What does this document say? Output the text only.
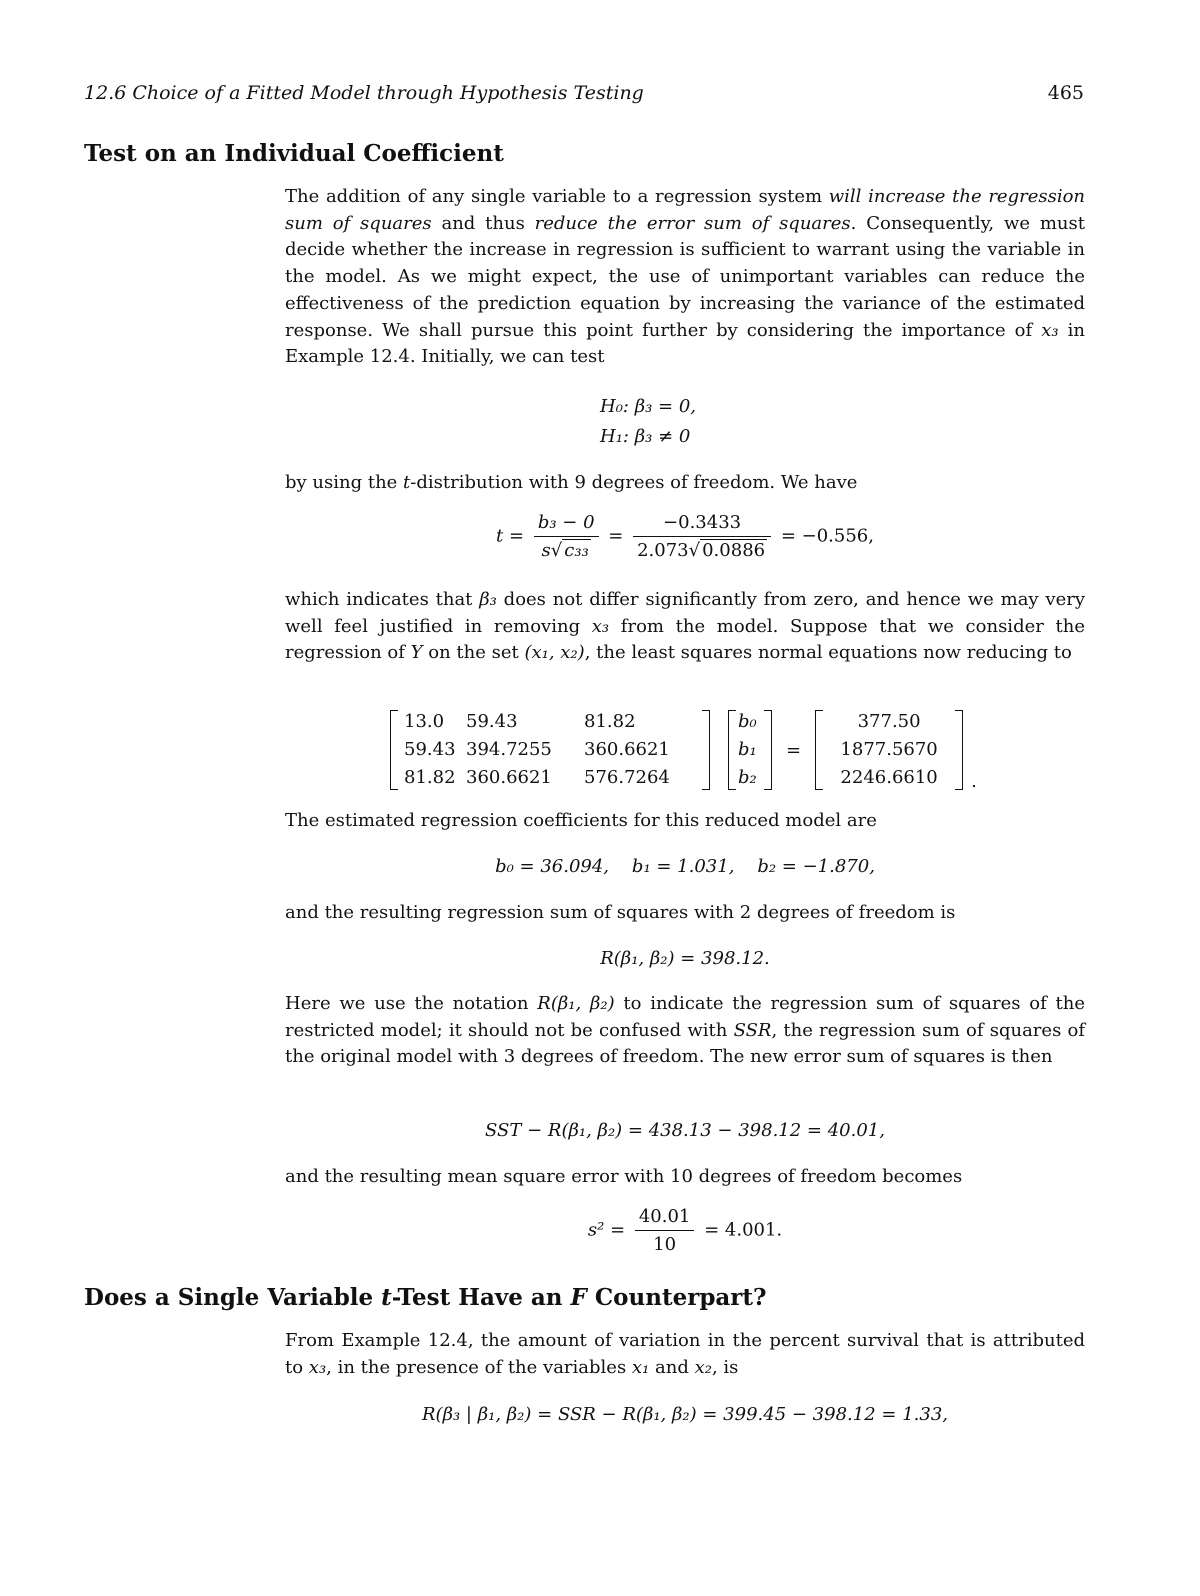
12.6 Choice of a Fitted Model through Hypothesis Testing	465
Test on an Individual Coefficient

The addition of any single variable to a regression system will increase the regression sum of squares and thus reduce the error sum of squares. Consequently, we must decide whether the increase in regression is sufficient to warrant using the variable in the model. As we might expect, the use of unimportant variables can reduce the effectiveness of the prediction equation by increasing the variance of the estimated response. We shall pursue this point further by considering the importance of x₃ in Example 12.4. Initially, we can test

H₀: β₃ = 0,
H₁: β₃ ≠ 0

by using the t-distribution with 9 degrees of freedom. We have

$t = \frac{\text{b₃ − 0}}{\text{s√ c₃₃}} = \frac{-0.3433}{2.073√ 0.0886} = -0.556$,

which indicates that β₃ does not differ significantly from zero, and hence we may very well feel justified in removing x₃ from the model. Suppose that we consider the regression of Y on the set (x₁, x₂), the least squares normal equations now reducing to

13.0	59.43	81.82
59.43 394.7255	360.6621
81.82 360.6621	576.7264
b₀
b₁
b₂
=
377.50
1877.5670
2246.6610	.

The estimated regression coefficients for this reduced model are

b₀ = 36.094, b₁ = 1.031, b₂ = −1.870,

and the resulting regression sum of squares with 2 degrees of freedom is

R(β₁, β₂) = 398.12.

Here we use the notation R(β₁, β₂) to indicate the regression sum of squares of the restricted model; it should not be confused with SSR, the regression sum of squares of the original model with 3 degrees of freedom. The new error sum of squares is then

SST − R(β₁, β₂) = 438.13 − 398.12 = 40.01,

and the resulting mean square error with 10 degrees of freedom becomes

$s^2 = \frac{40.01}{10} = 4.001$.
Does a Single Variable t-Test Have an F Counterpart?

From Example 12.4, the amount of variation in the percent survival that is attributed to x₃, in the presence of the variables x₁ and x₂, is

R(β₃ | β₁, β₂) = SSR − R(β₁, β₂) = 399.45 − 398.12 = 1.33,
